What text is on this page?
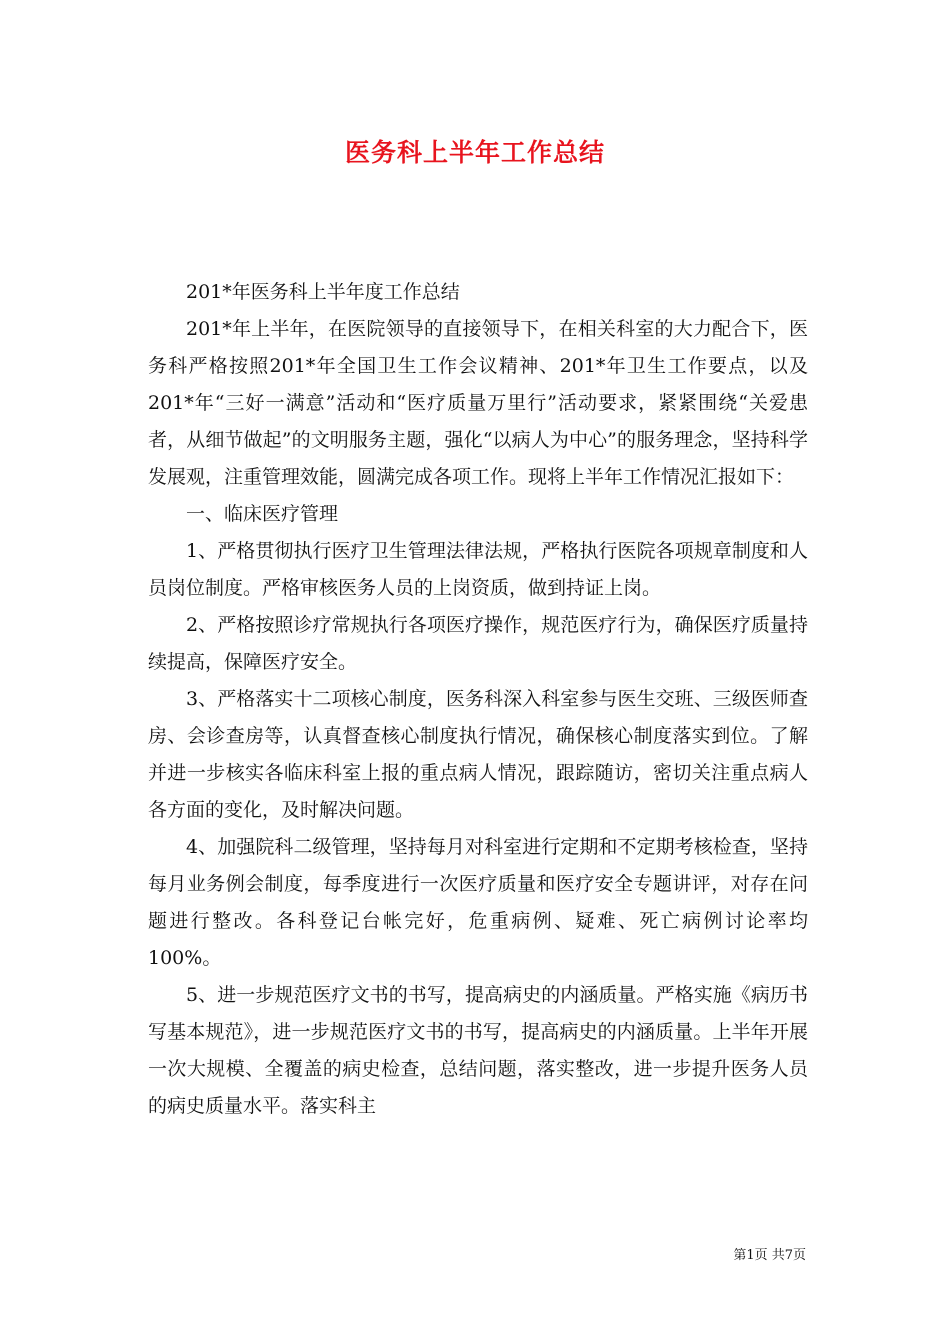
医务科上半年工作总结

201*年医务科上半年度工作总结

201*年上半年，在医院领导的直接领导下，在相关科室的大力配合下，医务科严格按照201*年全国卫生工作会议精神、201*年卫生工作要点，以及201*年“三好一满意”活动和“医疗质量万里行”活动要求，紧紧围绕“关爱患者，从细节做起”的文明服务主题，强化“以病人为中心”的服务理念，坚持科学发展观，注重管理效能，圆满完成各项工作。现将上半年工作情况汇报如下：

一、临床医疗管理

1、严格贯彻执行医疗卫生管理法律法规，严格执行医院各项规章制度和人员岗位制度。严格审核医务人员的上岗资质，做到持证上岗。

2、严格按照诊疗常规执行各项医疗操作，规范医疗行为，确保医疗质量持续提高，保障医疗安全。

3、严格落实十二项核心制度，医务科深入科室参与医生交班、三级医师查房、会诊查房等，认真督查核心制度执行情况，确保核心制度落实到位。了解并进一步核实各临床科室上报的重点病人情况，跟踪随访，密切关注重点病人各方面的变化，及时解决问题。

4、加强院科二级管理，坚持每月对科室进行定期和不定期考核检查，坚持每月业务例会制度，每季度进行一次医疗质量和医疗安全专题讲评，对存在问题进行整改。各科登记台帐完好，危重病例、疑难、死亡病例讨论率均100%。

5、进一步规范医疗文书的书写，提高病史的内涵质量。严格实施《病历书写基本规范》，进一步规范医疗文书的书写，提高病史的内涵质量。上半年开展一次大规模、全覆盖的病史检查，总结问题，落实整改，进一步提升医务人员的病史质量水平。落实科主

第1页 共7页
